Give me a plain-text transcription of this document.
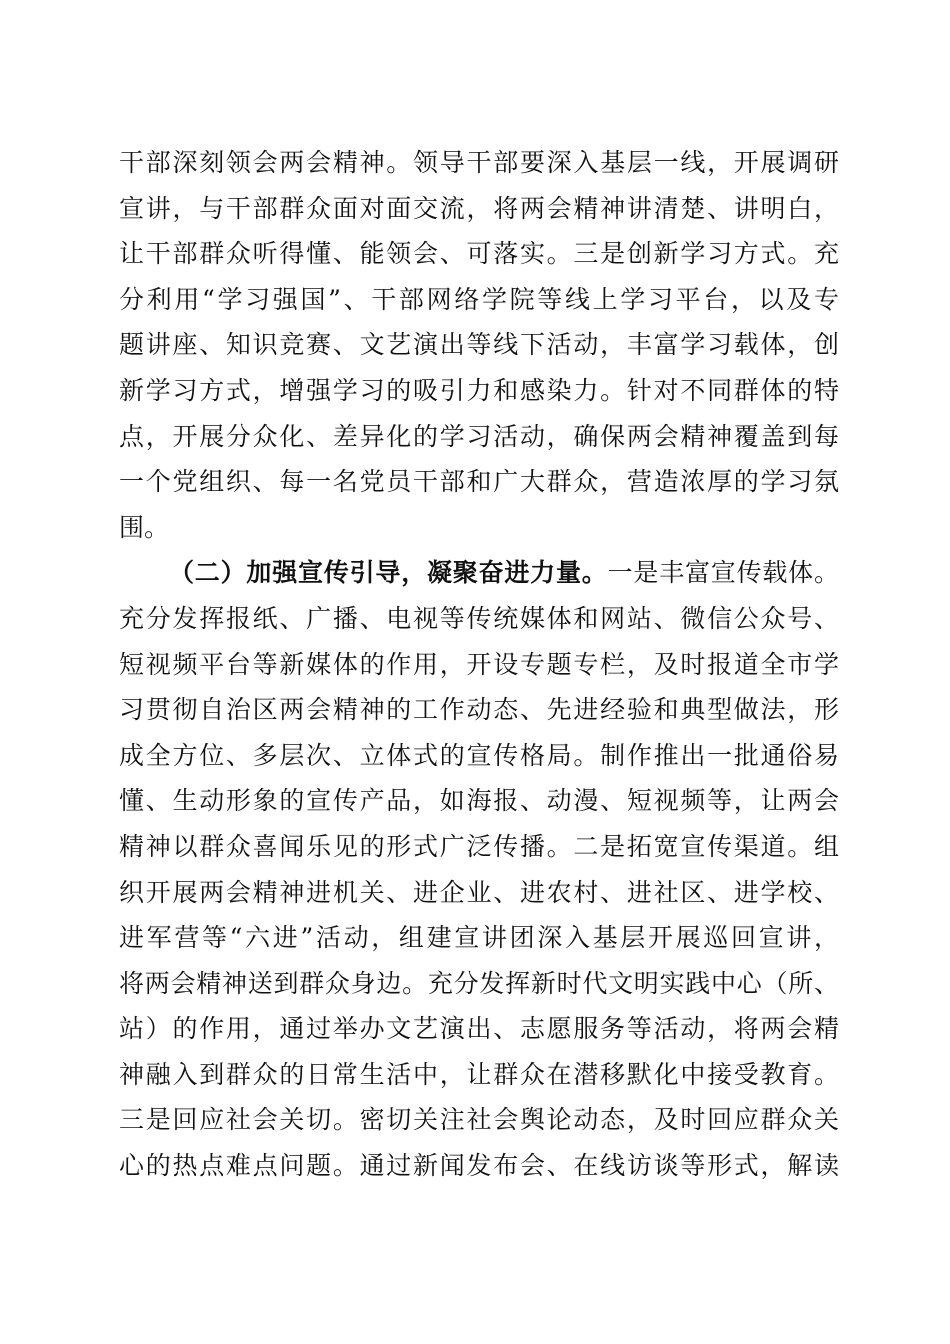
干部深刻领会两会精神。领导干部要深入基层一线，开展调研
宣讲，与干部群众面对面交流，将两会精神讲清楚、讲明白，
让干部群众听得懂、能领会、可落实。三是创新学习方式。充
分利用“学习强国”、干部网络学院等线上学习平台，以及专
题讲座、知识竞赛、文艺演出等线下活动，丰富学习载体，创
新学习方式，增强学习的吸引力和感染力。针对不同群体的特
点，开展分众化、差异化的学习活动，确保两会精神覆盖到每
一个党组织、每一名党员干部和广大群众，营造浓厚的学习氛
围。
（二）加强宣传引导，凝聚奋进力量。一是丰富宣传载体。
充分发挥报纸、广播、电视等传统媒体和网站、微信公众号、
短视频平台等新媒体的作用，开设专题专栏，及时报道全市学
习贯彻自治区两会精神的工作动态、先进经验和典型做法，形
成全方位、多层次、立体式的宣传格局。制作推出一批通俗易
懂、生动形象的宣传产品，如海报、动漫、短视频等，让两会
精神以群众喜闻乐见的形式广泛传播。二是拓宽宣传渠道。组
织开展两会精神进机关、进企业、进农村、进社区、进学校、
进军营等“六进”活动，组建宣讲团深入基层开展巡回宣讲，
将两会精神送到群众身边。充分发挥新时代文明实践中心（所、
站）的作用，通过举办文艺演出、志愿服务等活动，将两会精
神融入到群众的日常生活中，让群众在潜移默化中接受教育。
三是回应社会关切。密切关注社会舆论动态，及时回应群众关
心的热点难点问题。通过新闻发布会、在线访谈等形式，解读
